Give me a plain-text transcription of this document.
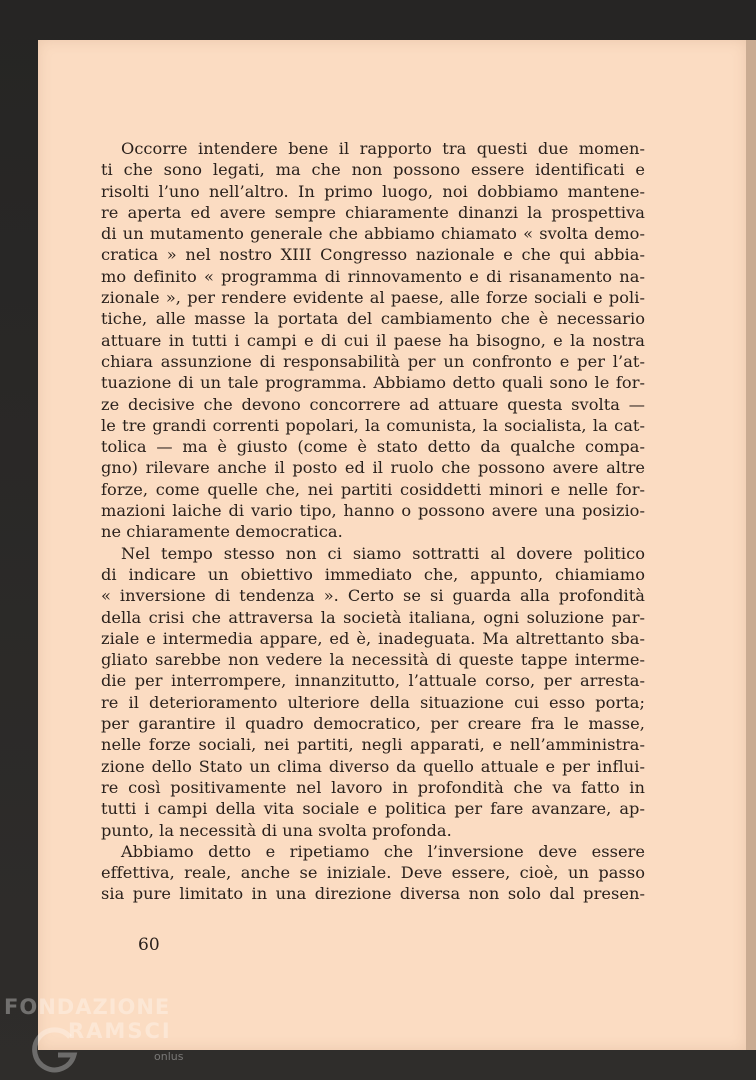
Occorre intendere bene il rapporto tra questi due momen-
ti che sono legati, ma che non possono essere identificati e
risolti l’uno nell’altro. In primo luogo, noi dobbiamo mantene-
re aperta ed avere sempre chiaramente dinanzi la prospettiva
di un mutamento generale che abbiamo chiamato « svolta demo-
cratica » nel nostro XIII Congresso nazionale e che qui abbia-
mo definito « programma di rinnovamento e di risanamento na-
zionale », per rendere evidente al paese, alle forze sociali e poli-
tiche, alle masse la portata del cambiamento che è necessario
attuare in tutti i campi e di cui il paese ha bisogno, e la nostra
chiara assunzione di responsabilità per un confronto e per l’at-
tuazione di un tale programma. Abbiamo detto quali sono le for-
ze decisive che devono concorrere ad attuare questa svolta —
le tre grandi correnti popolari, la comunista, la socialista, la cat-
tolica — ma è giusto (come è stato detto da qualche compa-
gno) rilevare anche il posto ed il ruolo che possono avere altre
forze, come quelle che, nei partiti cosiddetti minori e nelle for-
mazioni laiche di vario tipo, hanno o possono avere una posizio-
ne chiaramente democratica.
Nel tempo stesso non ci siamo sottratti al dovere politico
di indicare un obiettivo immediato che, appunto, chiamiamo
« inversione di tendenza ». Certo se si guarda alla profondità
della crisi che attraversa la società italiana, ogni soluzione par-
ziale e intermedia appare, ed è, inadeguata. Ma altrettanto sba-
gliato sarebbe non vedere la necessità di queste tappe interme-
die per interrompere, innanzitutto, l’attuale corso, per arresta-
re il deterioramento ulteriore della situazione cui esso porta;
per garantire il quadro democratico, per creare fra le masse,
nelle forze sociali, nei partiti, negli apparati, e nell’amministra-
zione dello Stato un clima diverso da quello attuale e per influi-
re così positivamente nel lavoro in profondità che va fatto in
tutti i campi della vita sociale e politica per fare avanzare, ap-
punto, la necessità di una svolta profonda.
Abbiamo detto e ripetiamo che l’inversione deve essere
effettiva, reale, anche se iniziale. Deve essere, cioè, un passo
sia pure limitato in una direzione diversa non solo dal presen-
60
FONDAZIONE
RAMSCI
onlus
